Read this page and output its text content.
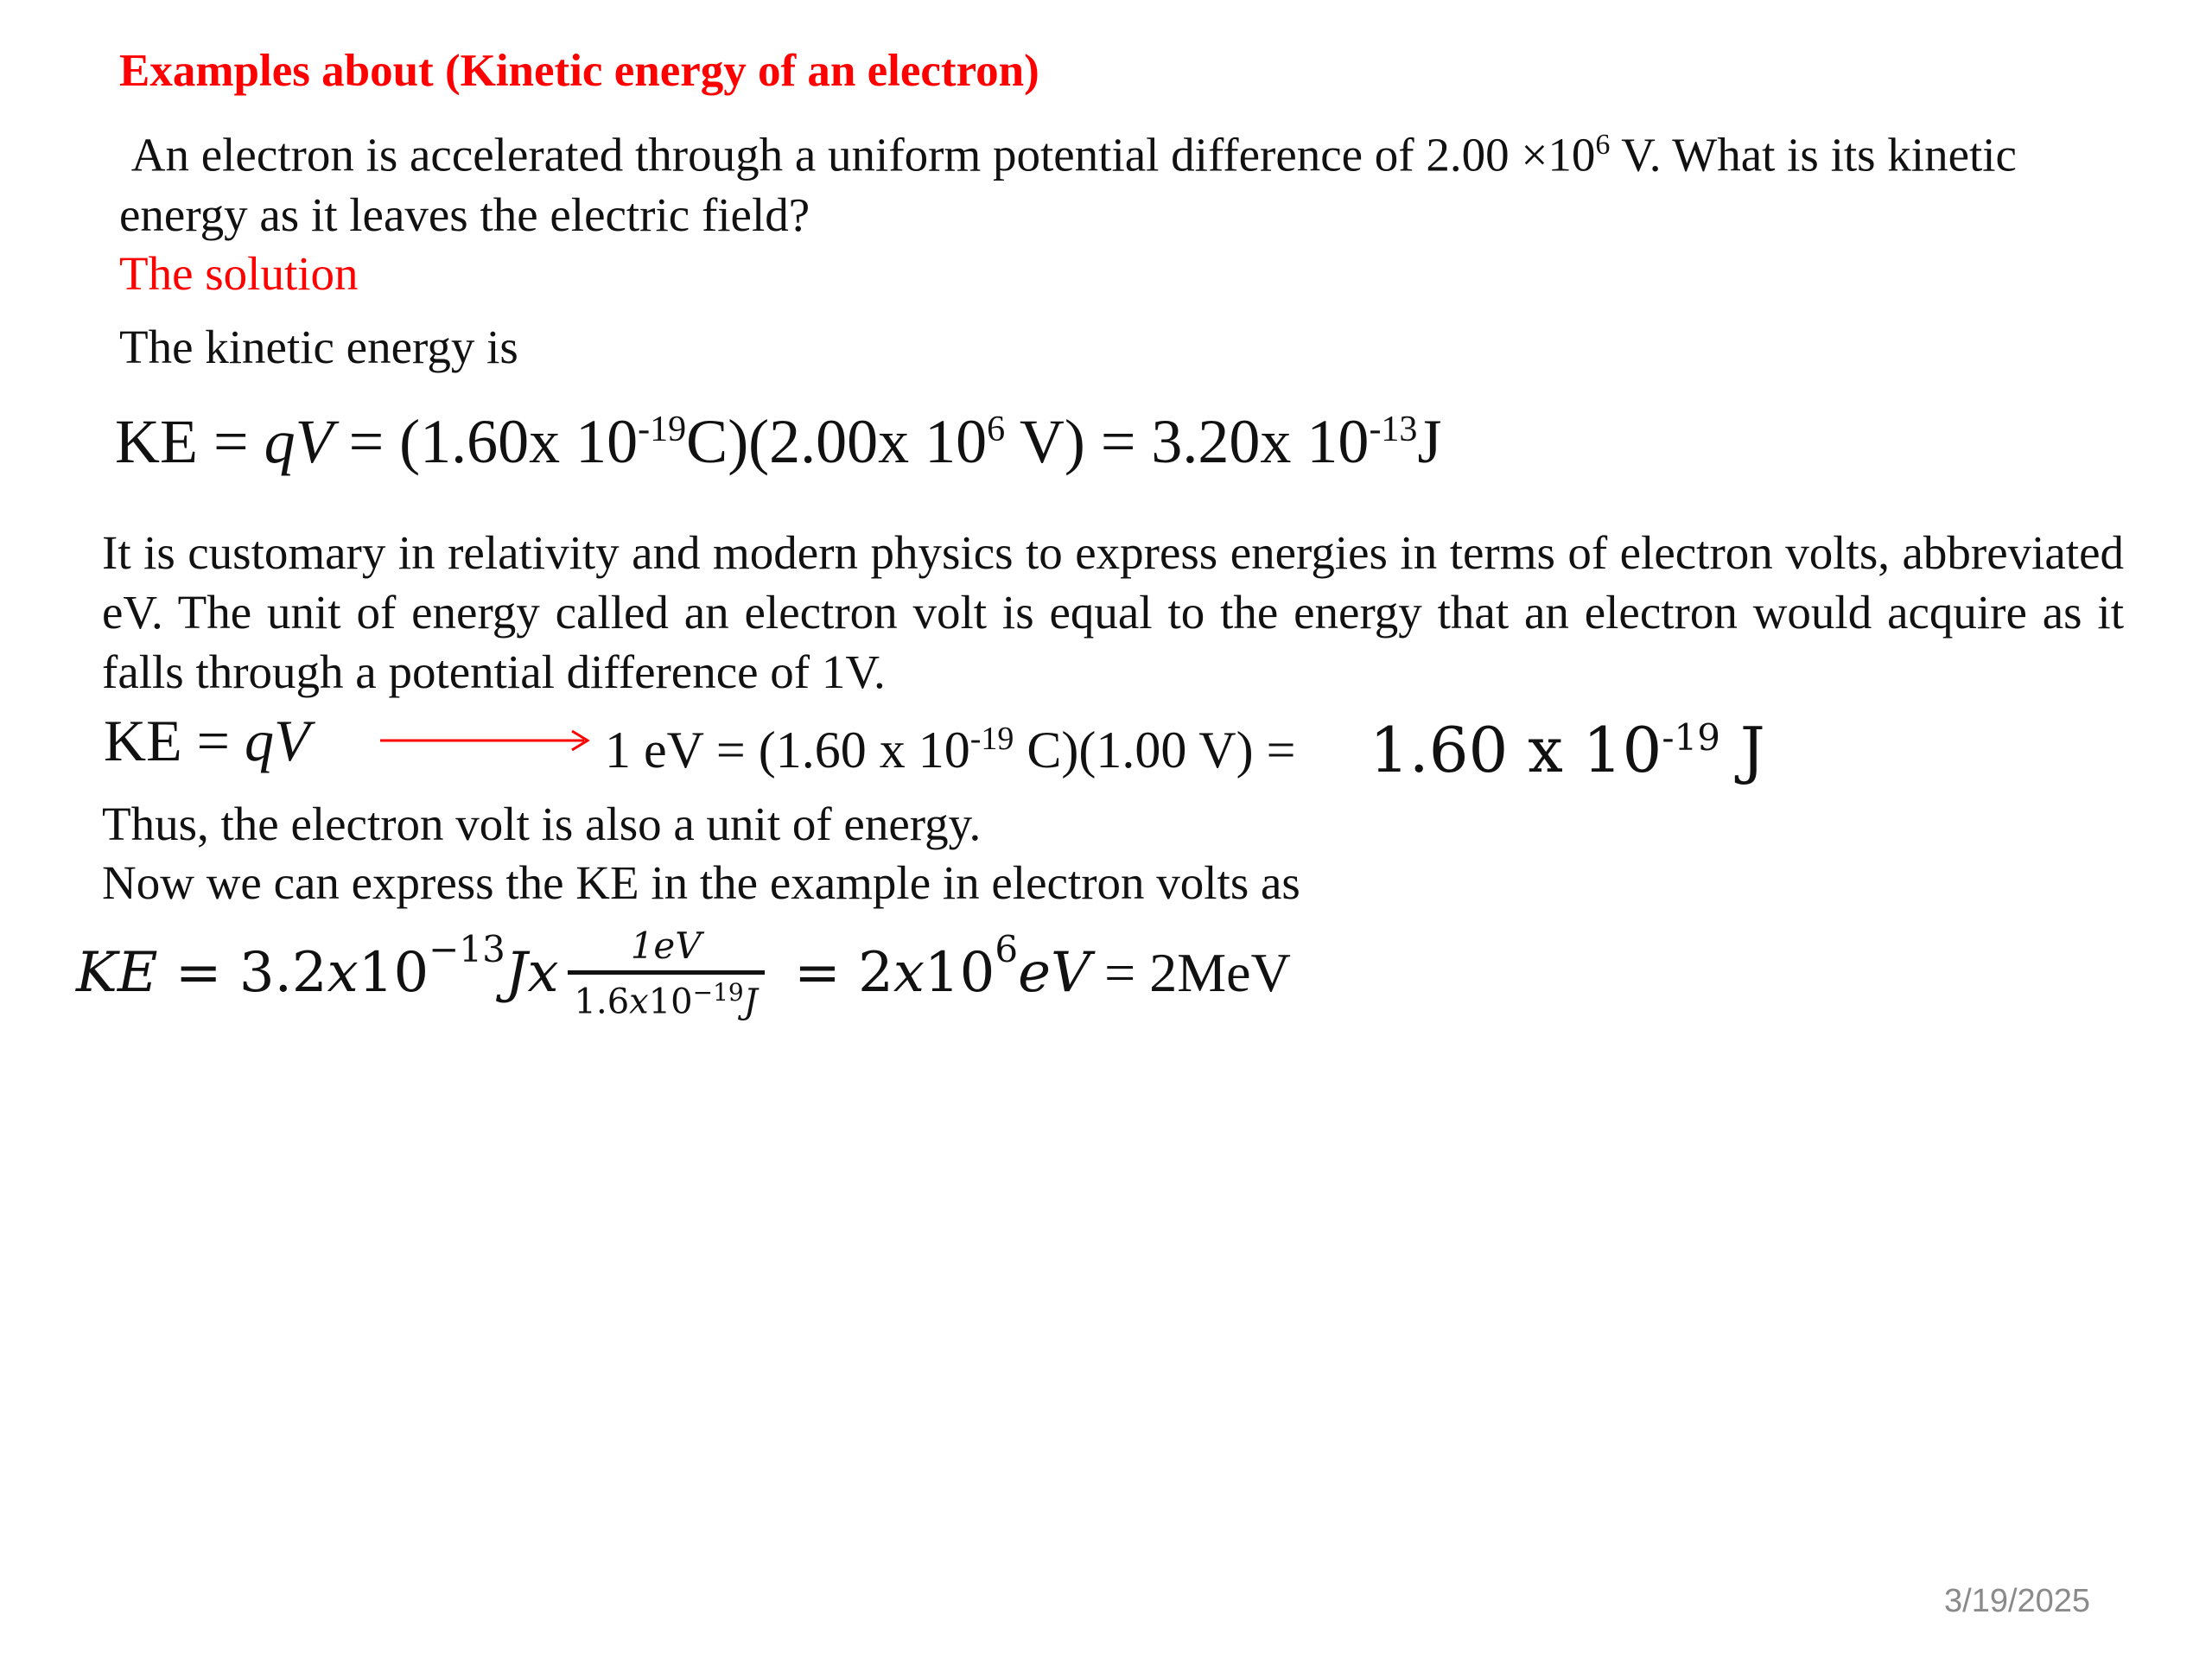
Examples about (Kinetic energy of an electron)
An electron is accelerated through a uniform potential difference of $2.00 \times 10^6$ V. What is its kinetic energy as it leaves the electric field?
The solution
The kinetic energy is
KE = qV = (1.60x $10^{-19}C)(2.00x$ $10^6$ V) = 3.20x $10^{-13}J$
It is customary in relativity and modern physics to express energies in terms of electron volts, abbreviated eV. The unit of energy called an electron volt is equal to the energy that an electron would acquire as it falls through a potential difference of 1V.
KE = qV	1 eV = (1.60 x $10^{-19}$ C)(1.00 V) = 1.60 x $10^{-19}$ J
Thus, the electron volt is also a unit of energy.
Now we can express the KE in the example in electron volts as
KE = 3.2 x $10^{-13}$ Jx $\frac{1eV}{1.6x10^{-19}J} = 2$ x $10^6$ eV = 2MeV
3/19/2025
